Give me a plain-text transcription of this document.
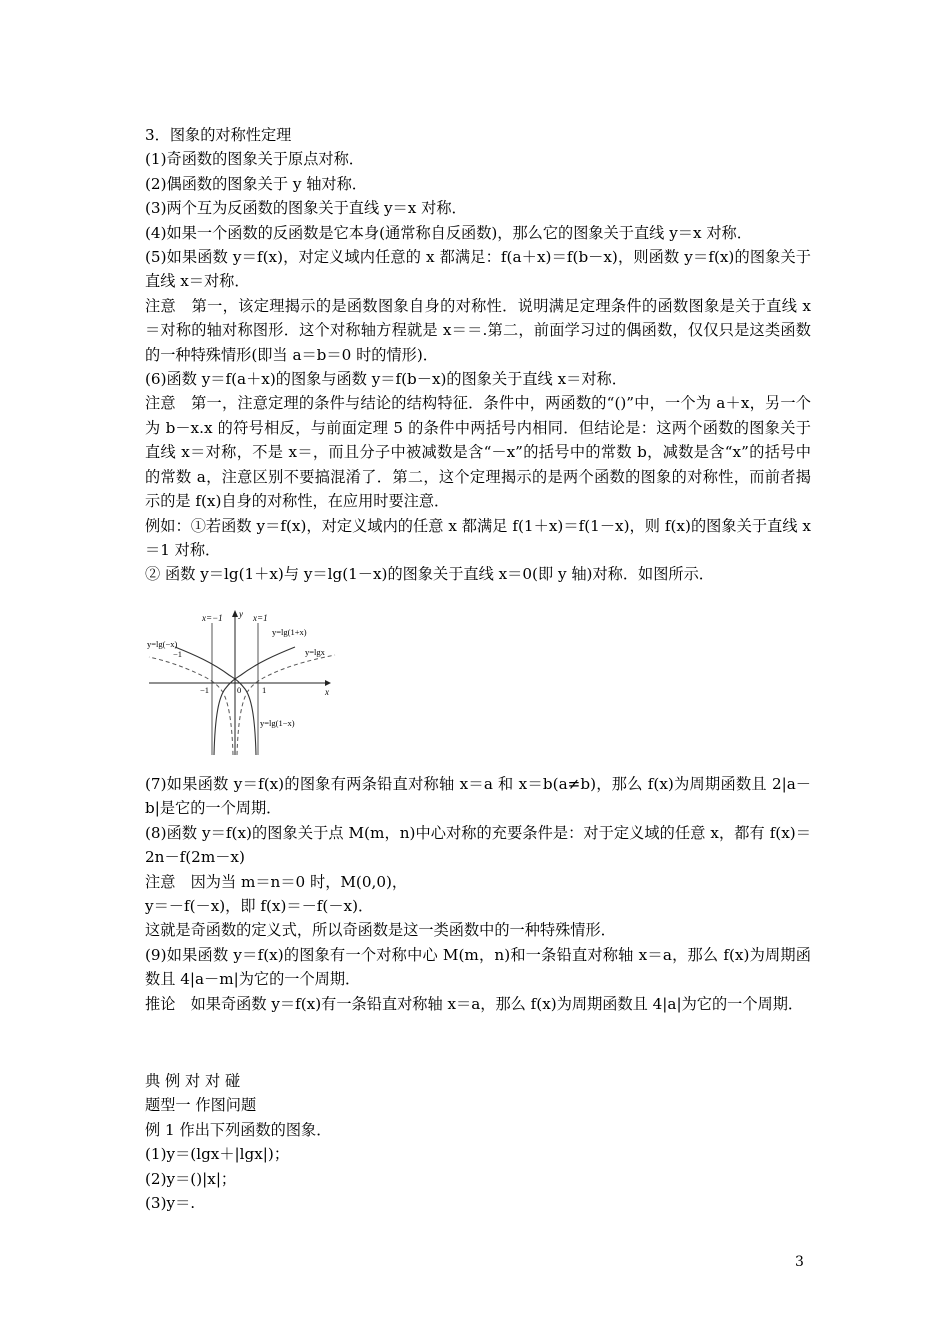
3．图象的对称性定理

(1)奇函数的图象关于原点对称．

(2)偶函数的图象关于 y 轴对称．

(3)两个互为反函数的图象关于直线 y＝x 对称．

(4)如果一个函数的反函数是它本身(通常称自反函数)，那么它的图象关于直线 y＝x 对称．

(5)如果函数 y＝f(x)，对定义域内任意的 x 都满足：f(a＋x)＝f(b－x)，则函数 y＝f(x)的图象关于直线 x＝对称．

注意　第一，该定理揭示的是函数图象自身的对称性．说明满足定理条件的函数图象是关于直线 x＝对称的轴对称图形．这个对称轴方程就是 x＝＝.第二，前面学习过的偶函数，仅仅只是这类函数的一种特殊情形(即当 a＝b＝0 时的情形)．

(6)函数 y＝f(a＋x)的图象与函数 y＝f(b－x)的图象关于直线 x＝对称．

注意　第一，注意定理的条件与结论的结构特征．条件中，两函数的“()”中，一个为 a＋x，另一个为 b－x.x 的符号相反，与前面定理 5 的条件中两括号内相同．但结论是：这两个函数的图象关于直线 x＝对称，不是 x＝，而且分子中被减数是含“－x”的括号中的常数 b，减数是含“x”的括号中的常数 a，注意区别不要搞混淆了．第二，这个定理揭示的是两个函数的图象的对称性，而前者揭示的是 f(x)自身的对称性，在应用时要注意．

例如：①若函数 y＝f(x)，对定义域内的任意 x 都满足 f(1＋x)＝f(1－x)，则 f(x)的图象关于直线 x＝1 对称．

② 函数 y＝lg(1＋x)与 y＝lg(1－x)的图象关于直线 x＝0(即 y 轴)对称．如图所示．

x=−1	x=1
y
y=lg(1+x)
y=lg(−x)
−1	y=lgx
x
−1	0 1
y=lg(1−x)

(7)如果函数 y＝f(x)的图象有两条铅直对称轴 x＝a 和 x＝b(a≠b)，那么 f(x)为周期函数且 2|a－b|是它的一个周期．

(8)函数 y＝f(x)的图象关于点 M(m，n)中心对称的充要条件是：对于定义域的任意 x，都有 f(x)＝2n－f(2m－x)

注意　因为当 m＝n＝0 时，M(0,0)，

y＝－f(－x)，即 f(x)＝－f(－x)．

这就是奇函数的定义式，所以奇函数是这一类函数中的一种特殊情形．

(9)如果函数 y＝f(x)的图象有一个对称中心 M(m，n)和一条铅直对称轴 x＝a，那么 f(x)为周期函数且 4|a－m|为它的一个周期．

推论　如果奇函数 y＝f(x)有一条铅直对称轴 x＝a，那么 f(x)为周期函数且 4|a|为它的一个周期．

典 例 对 对 碰

题型一 作图问题

例 1 作出下列函数的图象．

(1)y＝(lgx＋|lgx|)；

(2)y＝()|x|；

(3)y＝.

3
